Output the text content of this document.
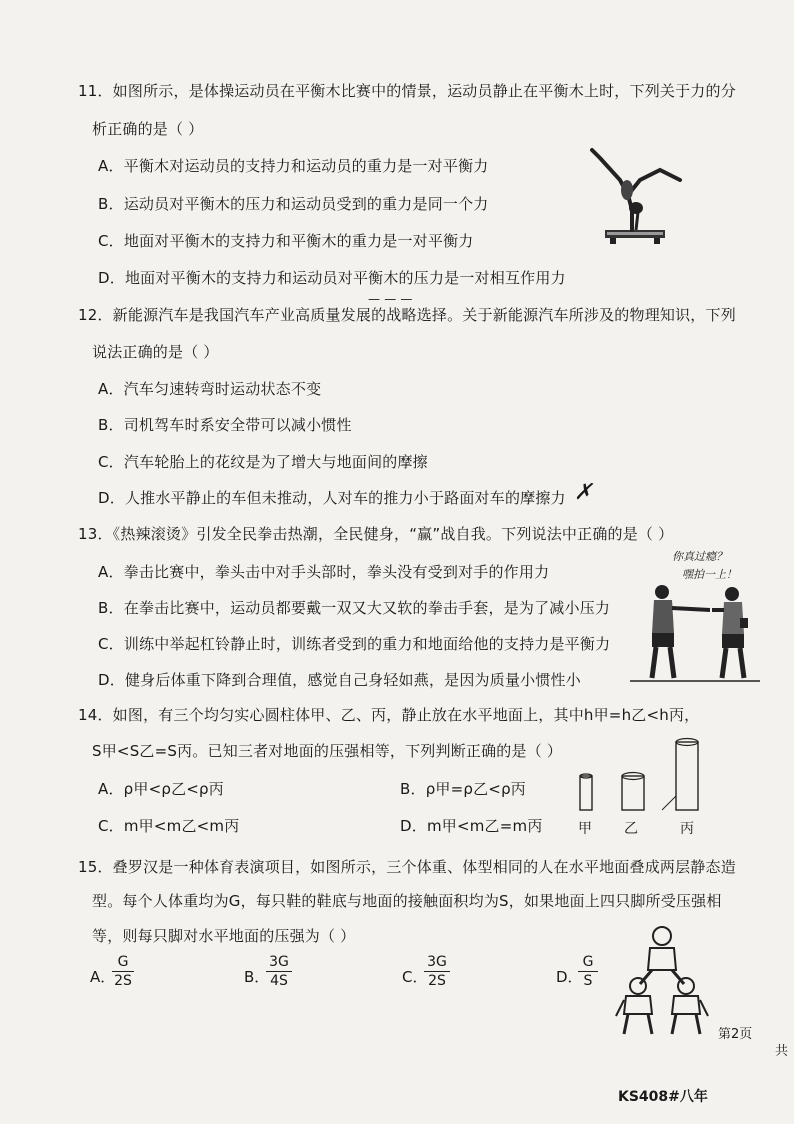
11．如图所示，是体操运动员在平衡木比赛中的情景，运动员静止在平衡木上时，下列关于力的分
析正确的是（ ）
A．平衡木对运动员的支持力和运动员的重力是一对平衡力
B．运动员对平衡木的压力和运动员受到的重力是同一个力
C．地面对平衡木的支持力和平衡木的重力是一对平衡力
D．地面对平衡木的支持力和运动员对平衡木的压力是一对相互作用力
— — —
12．新能源汽车是我国汽车产业高质量发展的战略选择。关于新能源汽车所涉及的物理知识，下列
说法正确的是（ ）
A．汽车匀速转弯时运动状态不变
B．司机驾车时系安全带可以减小惯性
C．汽车轮胎上的花纹是为了增大与地面间的摩擦
D．人推水平静止的车但未推动，人对车的推力小于路面对车的摩擦力 ✗
13．《热辣滚烫》引发全民拳击热潮，全民健身，“赢”战自我。下列说法中正确的是（ ）
A．拳击比赛中，拳头击中对手头部时，拳头没有受到对手的作用力
B．在拳击比赛中，运动员都要戴一双又大又软的拳击手套，是为了减小压力
C．训练中举起杠铃静止时，训练者受到的重力和地面给他的支持力是平衡力
D．健身后体重下降到合理值，感觉自己身轻如燕，是因为质量小惯性小
你真过瘾？
嘿拍一上！
14．如图，有三个均匀实心圆柱体甲、乙、丙，静止放在水平地面上，其中h甲=h乙<h丙，
S甲<S乙=S丙。已知三者对地面的压强相等，下列判断正确的是（ ）
A．ρ甲<ρ乙<ρ丙	B．ρ甲=ρ乙<ρ丙
C．m甲<m乙<m丙	D．m甲<m乙=m丙	甲 乙	丙
15．叠罗汉是一种体育表演项目，如图所示，三个体重、体型相同的人在水平地面叠成两层静态造
型。每个人体重均为G，每只鞋的鞋底与地面的接触面积均为S，如果地面上四只脚所受压强相
等，则每只脚对水平地面的压强为（ ）
A．
G
2S	B．
3G
4S	C．
3G
2S	D．
G
S
第2页
共
KS408#八年
